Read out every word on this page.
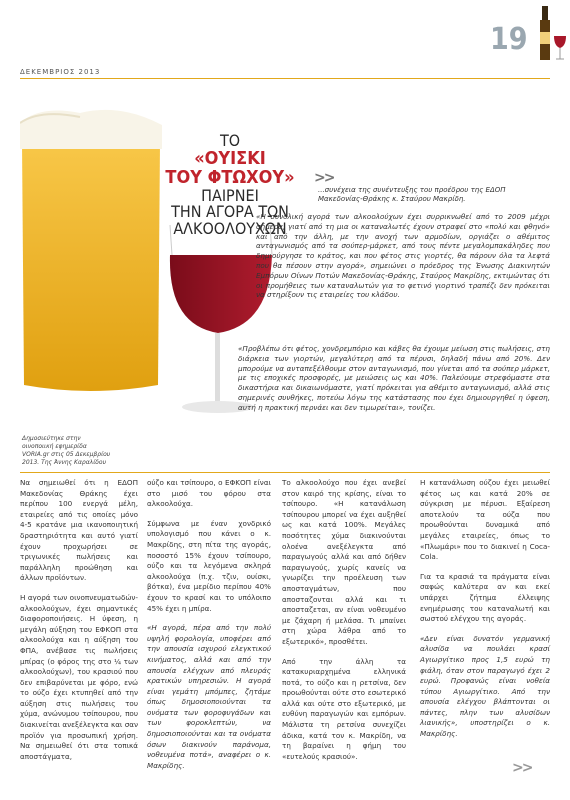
ΔΕΚΕΜΒΡΙΟΣ 2013
19
ΤΟ
«ΟΥΙΣΚΙ
ΤΟΥ ΦΤΩΧΟΥ»
ΠΑΙΡΝΕΙ
ΤΗΝ ΑΓΟΡΑ ΤΩΝ
ΑΛΚΟΟΛΟΥΧΩΝ
>>
...συνέχεια της συνέντευξης του προέδρου της ΕΔΟΠ Μακεδονίας-Θράκης κ. Σταύρου Μακρίδη.
«Η συνολική αγορά των αλκοολούχων έχει συρρικνωθεί από το 2009 μέχρι σήμερα, γιατί από τη μια οι καταναλωτές έχουν στραφεί στο «πολύ και φθηνό» και από την άλλη, με την ανοχή των αρμοδίων, οργιάζει ο αθέμιτος ανταγωνισμός από τα σούπερ-μάρκετ, από τους πέντε μεγαλομπακάληδες που δημιούργησε το κράτος, και που φέτος στις γιορτές, θα πάρουν όλα τα λεφτά που θα πέσουν στην αγορά», σημειώνει ο πρόεδρος της Ένωσης Διακινητών Εμπόρων Οίνων Ποτών Μακεδονίας-Θράκης, Σταύρος Μακρίδης, εκτιμώντας ότι οι προμήθειες των καταναλωτών για το φετινό γιορτινό τραπέζι δεν πρόκειται να στηρίξουν τις εταιρείες του κλάδου.
«Προβλέπω ότι φέτος, χονδρεμπόριο και κάβες θα έχουμε μείωση στις πωλήσεις, στη διάρκεια των γιορτών, μεγαλύτερη από τα πέρυσι, δηλαδή πάνω από 20%. Δεν μπορούμε να ανταπεξέλθουμε στον ανταγωνισμό, που γίνεται από τα σούπερ μάρκετ, με τις εποχικές προσφορές, με μειώσεις ως και 40%. Παλεύουμε στρεφόμαστε στα δικαστήρια και δικαιωνόμαστε, γιατί πρόκειται για αθέμιτο ανταγωνισμό, αλλά στις σημερινές συνθήκες, ποτεύω λόγω της κατάστασης που έχει δημιουργηθεί η ύφεση, αυτή η πρακτική περνάει και δεν τιμωρείται», τονίζει.
Δημοσιεύτηκε στην οινοποιική εφημερίδα VORIA.gr στις 05 Δεκεμβρίου 2013. Της Άννης Καραλίδου

Να σημειωθεί ότι η ΕΔΟΠ Μακεδονίας Θράκης έχει περίπου 100 ενεργά μέλη, εταιρείες από τις οποίες μόνο 4-5 κρατάνε μια ικανοποιητική δραστηριότητα και αυτό γιατί έχουν προχωρήσει σε τριγωνικές πωλήσεις και παράλληλη προώθηση και άλλων προϊόντων.

Η αγορά των οινοπνευματωδών-αλκοολούχων, έχει σημαντικές διαφοροποιήσεις. Η ύφεση, η μεγάλη αύξηση του ΕΦΚΟΠ στα αλκοολούχα και η αύξηση του ΦΠΑ, ανέβασε τις πωλήσεις μπίρας (ο φόρος της στο ¼ των αλκοολούχων), του κρασιού που δεν επιβαρύνεται με φόρο, ενώ το ούζο έχει κτυπηθεί από την αύξηση στις πωλήσεις του χύμα, ανώνυμου τσίπουρου, που διακινείται ανεξέλεγκτα και σαν προϊόν για προσωπική χρήση. Να σημειωθεί ότι στα τοπικά αποστάγματα,

ούζο και τσίπουρο, ο ΕΦΚΟΠ είναι στο μισό του φόρου στα αλκοολούχα.

Σύμφωνα με έναν χονδρικό υπολογισμό που κάνει ο κ. Μακρίδης, στη πίτα της αγοράς, ποσοστό 15% έχουν τσίπουρο, ούζο και τα λεγόμενα σκληρά αλκοολούχα (π.χ. τζιν, ουίσκι, βότκα), ένα μερίδιο περίπου 40% έχουν το κρασί και το υπόλοιπο 45% έχει η μπίρα.

«Η αγορά, πέρα από την πολύ υψηλή φορολογία, υποφέρει από την απουσία ισχυρού ελεγκτικού κινήματος, αλλά και από την απουσία ελέγχων από πλευράς κρατικών υπηρεσιών. Η αγορά είναι γεμάτη μπόμπες, ζητάμε όπως δημοσιοποιούνται τα ονόματα των φοροφυγάδων και των φοροκλεπτών, να δημοσιοποιούνται και τα ονόματα όσων διακινούν παράνομα, νοθευμένα ποτά», αναφέρει ο κ. Μακρίδης.

Το αλκοολούχο που έχει ανεβεί στον καιρό της κρίσης, είναι το τσίπουρο. «Η κατανάλωση τσίπουρου μπορεί να έχει αυξηθεί ως και κατά 100%. Μεγάλες ποσότητες χύμα διακινούνται ολοένα ανεξέλεγκτα από παραγωγούς αλλά και από δήθεν παραγωγούς, χωρίς κανείς να γνωρίζει την προέλευση των αποσταγμάτων, που αποσταζονται αλλά και τι αποσταζεται, αν είναι νοθευμένο με ζάχαρη ή μελάσα. Τι μπαίνει στη χώρα λάθρα από το εξωτερικό», προσθέτει.

Από την άλλη τα κατακυριαρχημένα ελληνικά ποτά, το ούζο και η ρετσίνα, δεν προωθούνται ούτε στο εσωτερικό αλλά και ούτε στο εξωτερικό, με ευθύνη παραγωγών και εμπόρων. Μάλιστα τη ρετσίνα συνεχίζει άδικα, κατά τον κ. Μακρίδη, να τη βαραίνει η φήμη του «ευτελούς κρασιού».

Η κατανάλωση ούζου έχει μειωθεί φέτος ως και κατά 20% σε σύγκριση με πέρυσι. Εξαίρεση αποτελούν τα ούζα που προωθούνται δυναμικά από μεγάλες εταιρείες, όπως το «Πλωμάρι» που το διακινεί η Coca-Cola.

Για τα κρασιά τα πράγματα είναι σαφώς καλύτερα αν και εκεί υπάρχει ζήτημα έλλειψης ενημέρωσης του καταναλωτή και σωστού ελέγχου της αγοράς.

«Δεν είναι δυνατόν γερμανική αλυσίδα να πουλάει κρασί Αγιωργίτικο προς 1,5 ευρώ τη φιάλη, όταν στον παραγωγό έχει 2 ευρώ. Προφανώς είναι νοθεία τύπου Αγιωργίτικο. Από την απουσία ελέγχου βλάπτονται οι πάντες, πλην των αλυσίδων λιανικής», υποστηρίζει ο κ. Μακρίδης.

>>
